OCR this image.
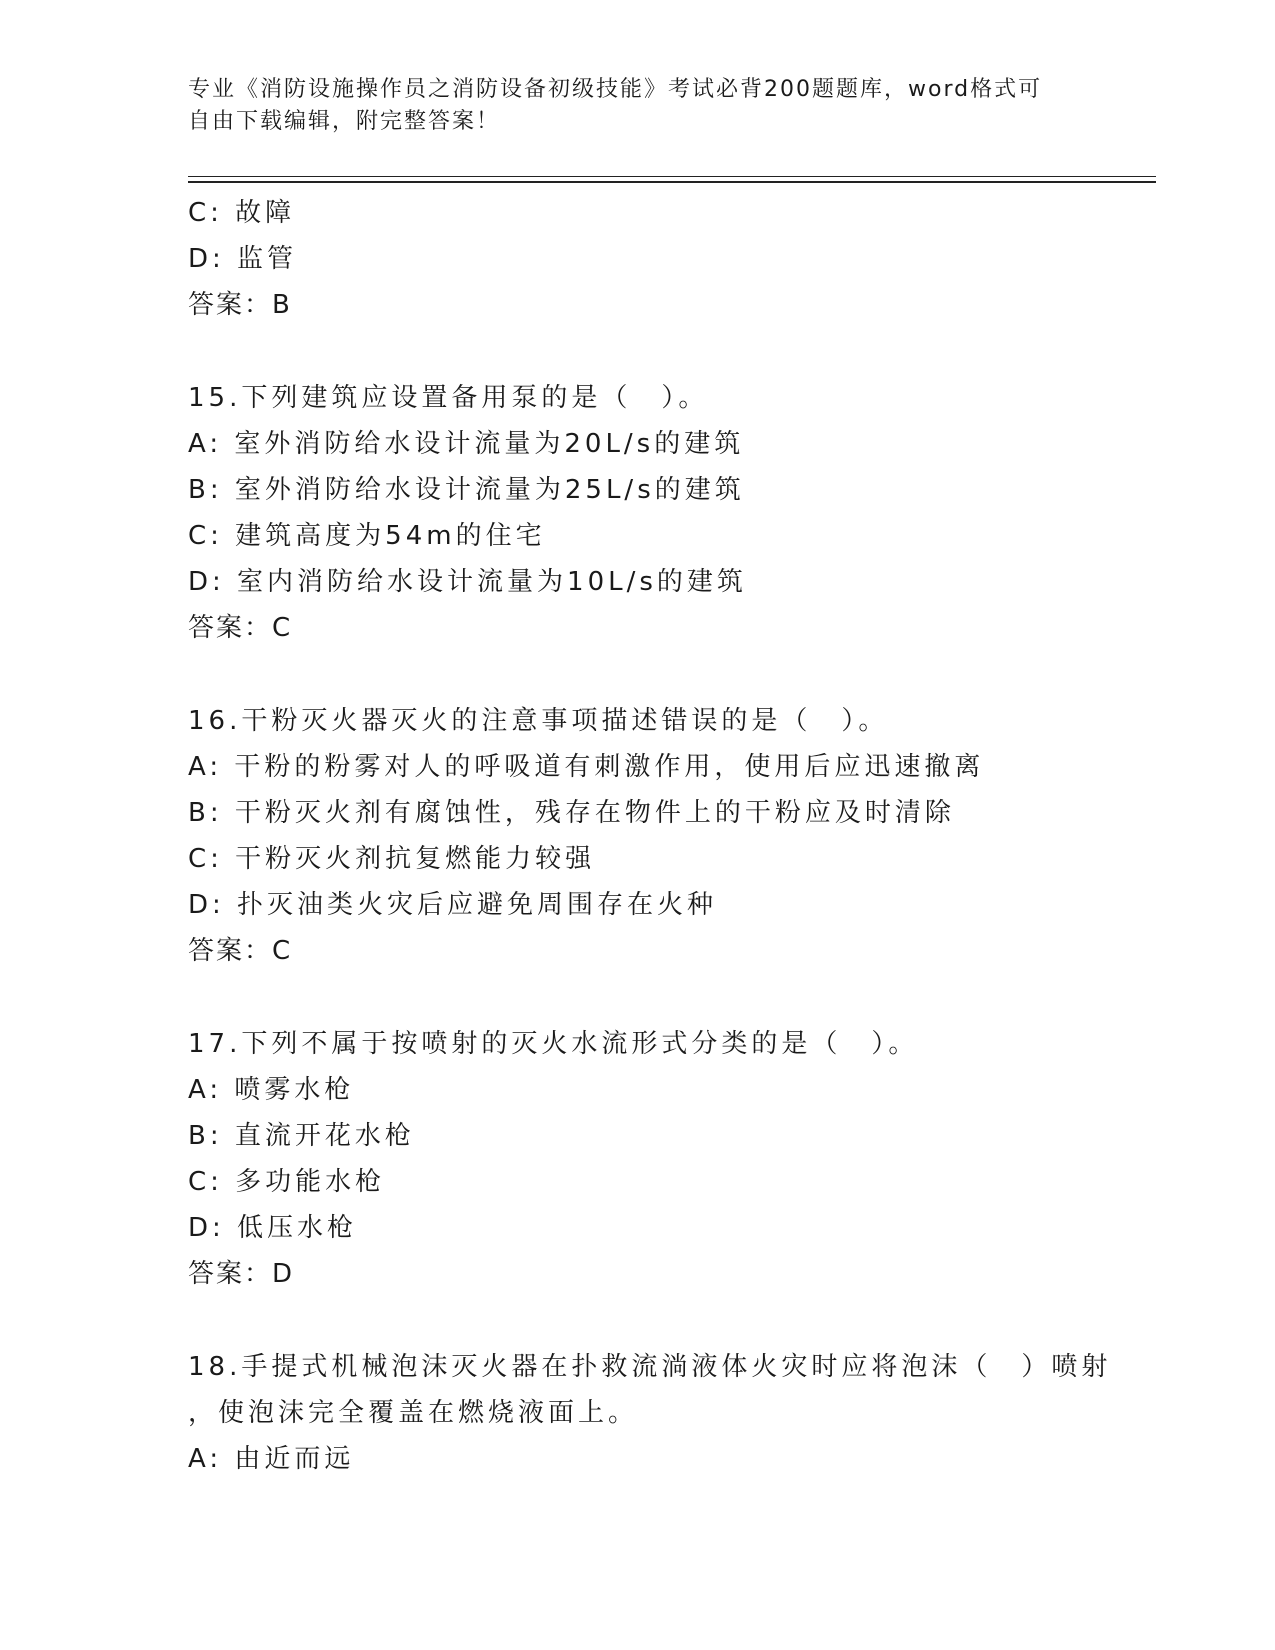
专业《消防设施操作员之消防设备初级技能》考试必背200题题库，word格式可
自由下载编辑，附完整答案！
C: 故障
D: 监管
答案：B
15.下列建筑应设置备用泵的是（　）。
A: 室外消防给水设计流量为20L/s的建筑
B: 室外消防给水设计流量为25L/s的建筑
C: 建筑高度为54m的住宅
D: 室内消防给水设计流量为10L/s的建筑
答案：C
16.干粉灭火器灭火的注意事项描述错误的是（　）。
A: 干粉的粉雾对人的呼吸道有刺激作用，使用后应迅速撤离
B: 干粉灭火剂有腐蚀性，残存在物件上的干粉应及时清除
C: 干粉灭火剂抗复燃能力较强
D: 扑灭油类火灾后应避免周围存在火种
答案：C
17.下列不属于按喷射的灭火水流形式分类的是（　）。
A: 喷雾水枪
B: 直流开花水枪
C: 多功能水枪
D: 低压水枪
答案：D
18.手提式机械泡沫灭火器在扑救流淌液体火灾时应将泡沫（　）喷射
，使泡沫完全覆盖在燃烧液面上。
A: 由近而远
